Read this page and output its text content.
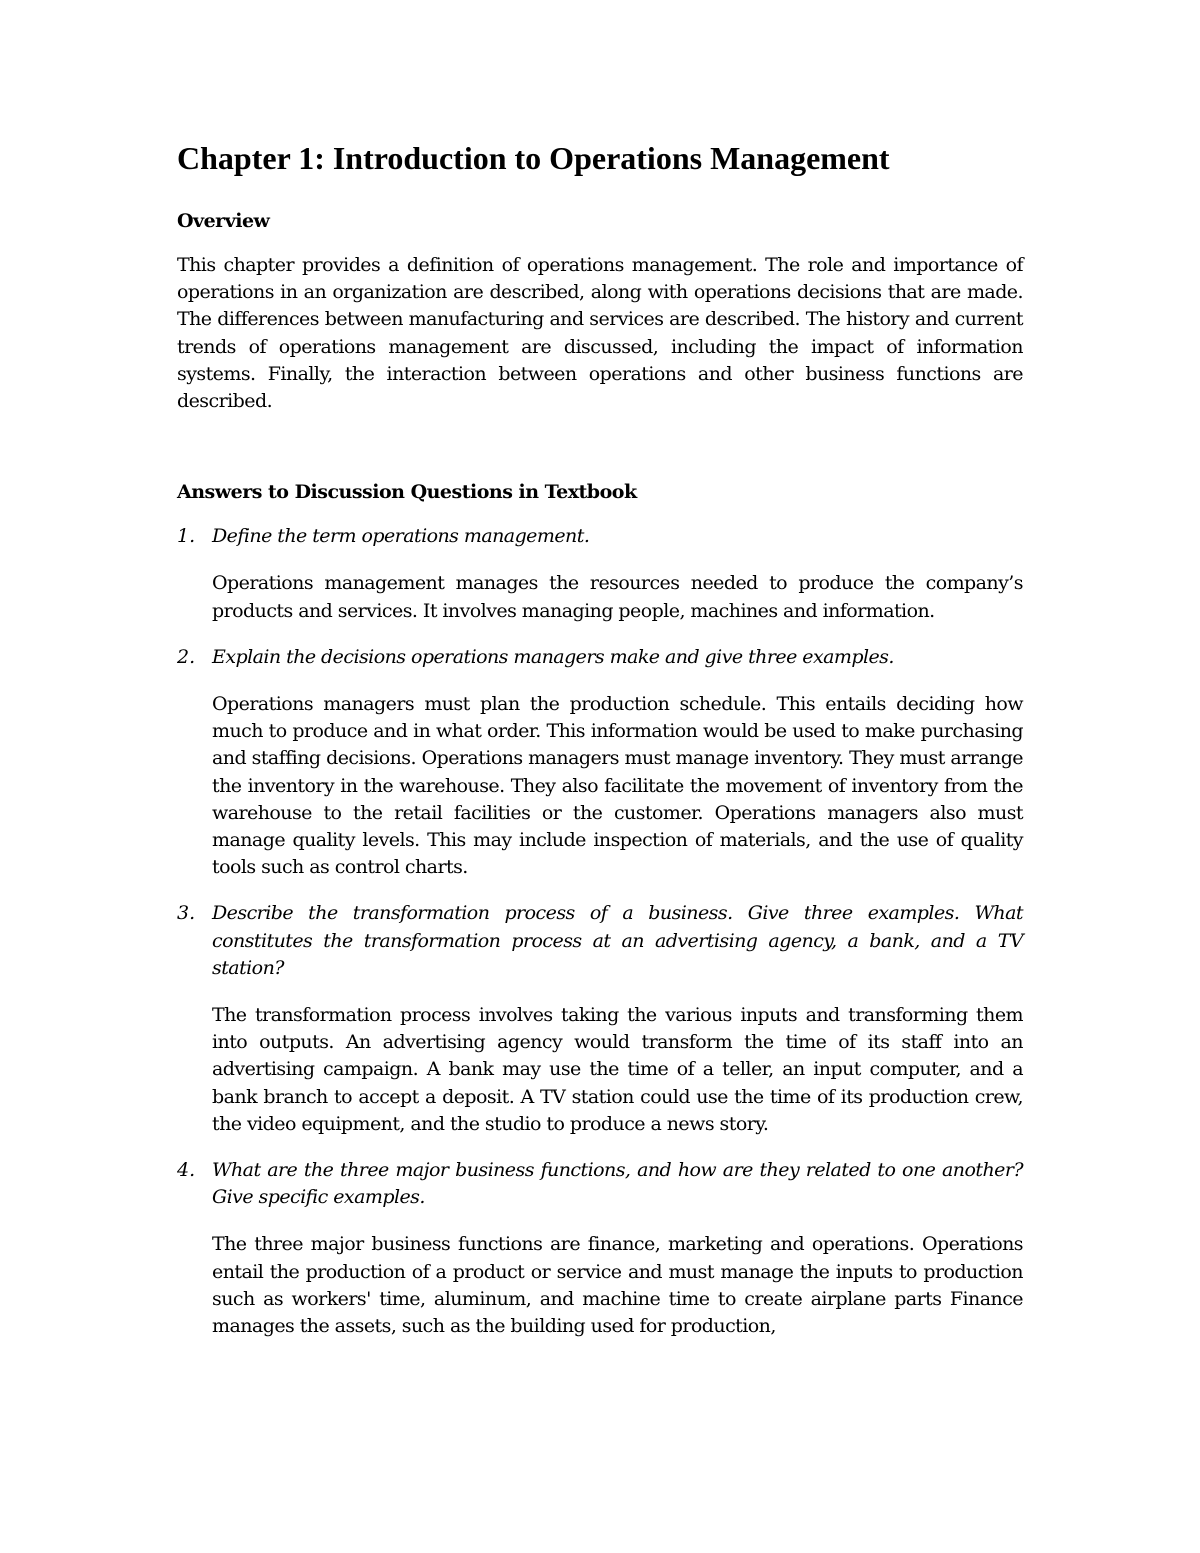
Chapter 1: Introduction to Operations Management
Overview

This chapter provides a definition of operations management. The role and importance of operations in an organization are described, along with operations decisions that are made. The differences between manufacturing and services are described. The history and current trends of operations management are discussed, including the impact of information systems. Finally, the interaction between operations and other business functions are described.

Answers to Discussion Questions in Textbook
1. Define the term operations management.

Operations management manages the resources needed to produce the company’s products and services. It involves managing people, machines and information.

2. Explain the decisions operations managers make and give three examples.

Operations managers must plan the production schedule. This entails deciding how much to produce and in what order. This information would be used to make purchasing and staffing decisions. Operations managers must manage inventory. They must arrange the inventory in the warehouse. They also facilitate the movement of inventory from the warehouse to the retail facilities or the customer. Operations managers also must manage quality levels. This may include inspection of materials, and the use of quality tools such as control charts.

3. Describe the transformation process of a business. Give three examples. What constitutes the transformation process at an advertising agency, a bank, and a TV station?

The transformation process involves taking the various inputs and transforming them into outputs. An advertising agency would transform the time of its staff into an advertising campaign. A bank may use the time of a teller, an input computer, and a bank branch to accept a deposit. A TV station could use the time of its production crew, the video equipment, and the studio to produce a news story.

4. What are the three major business functions, and how are they related to one another? Give specific examples.

The three major business functions are finance, marketing and operations. Operations entail the production of a product or service and must manage the inputs to production such as workers' time, aluminum, and machine time to create airplane parts Finance manages the assets, such as the building used for production,
